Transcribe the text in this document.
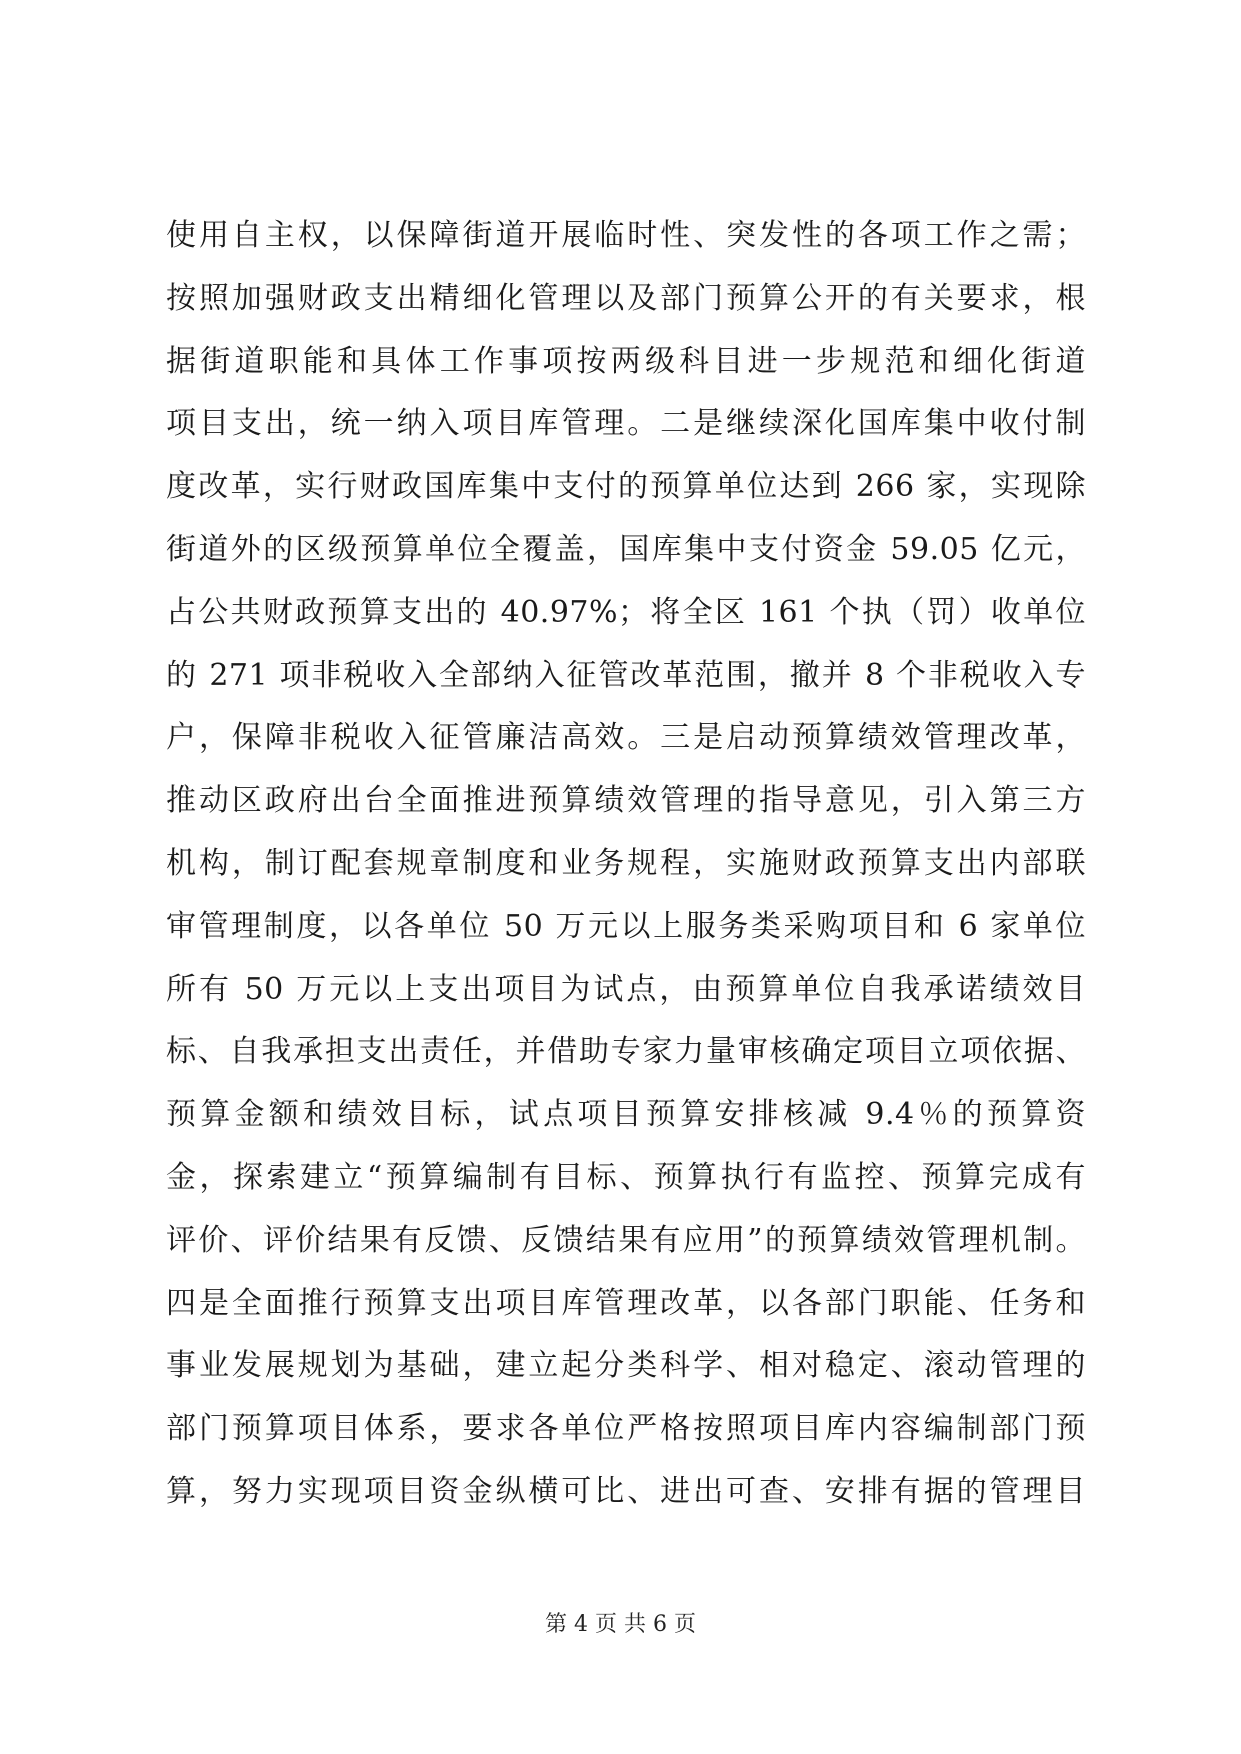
使用自主权，以保障街道开展临时性、突发性的各项工作之需；
按照加强财政支出精细化管理以及部门预算公开的有关要求，根
据街道职能和具体工作事项按两级科目进一步规范和细化街道
项目支出，统一纳入项目库管理。二是继续深化国库集中收付制
度改革，实行财政国库集中支付的预算单位达到 266 家，实现除
街道外的区级预算单位全覆盖，国库集中支付资金 59.05 亿元，
占公共财政预算支出的 40.97%；将全区 161 个执（罚）收单位
的 271 项非税收入全部纳入征管改革范围，撤并 8 个非税收入专
户，保障非税收入征管廉洁高效。三是启动预算绩效管理改革，
推动区政府出台全面推进预算绩效管理的指导意见，引入第三方
机构，制订配套规章制度和业务规程，实施财政预算支出内部联
审管理制度，以各单位 50 万元以上服务类采购项目和 6 家单位
所有 50 万元以上支出项目为试点，由预算单位自我承诺绩效目
标、自我承担支出责任，并借助专家力量审核确定项目立项依据、
预算金额和绩效目标，试点项目预算安排核减 9.4％的预算资
金，探索建立“预算编制有目标、预算执行有监控、预算完成有
评价、评价结果有反馈、反馈结果有应用”的预算绩效管理机制。
四是全面推行预算支出项目库管理改革，以各部门职能、任务和
事业发展规划为基础，建立起分类科学、相对稳定、滚动管理的
部门预算项目体系，要求各单位严格按照项目库内容编制部门预
算，努力实现项目资金纵横可比、进出可查、安排有据的管理目
第 4 页 共 6 页
